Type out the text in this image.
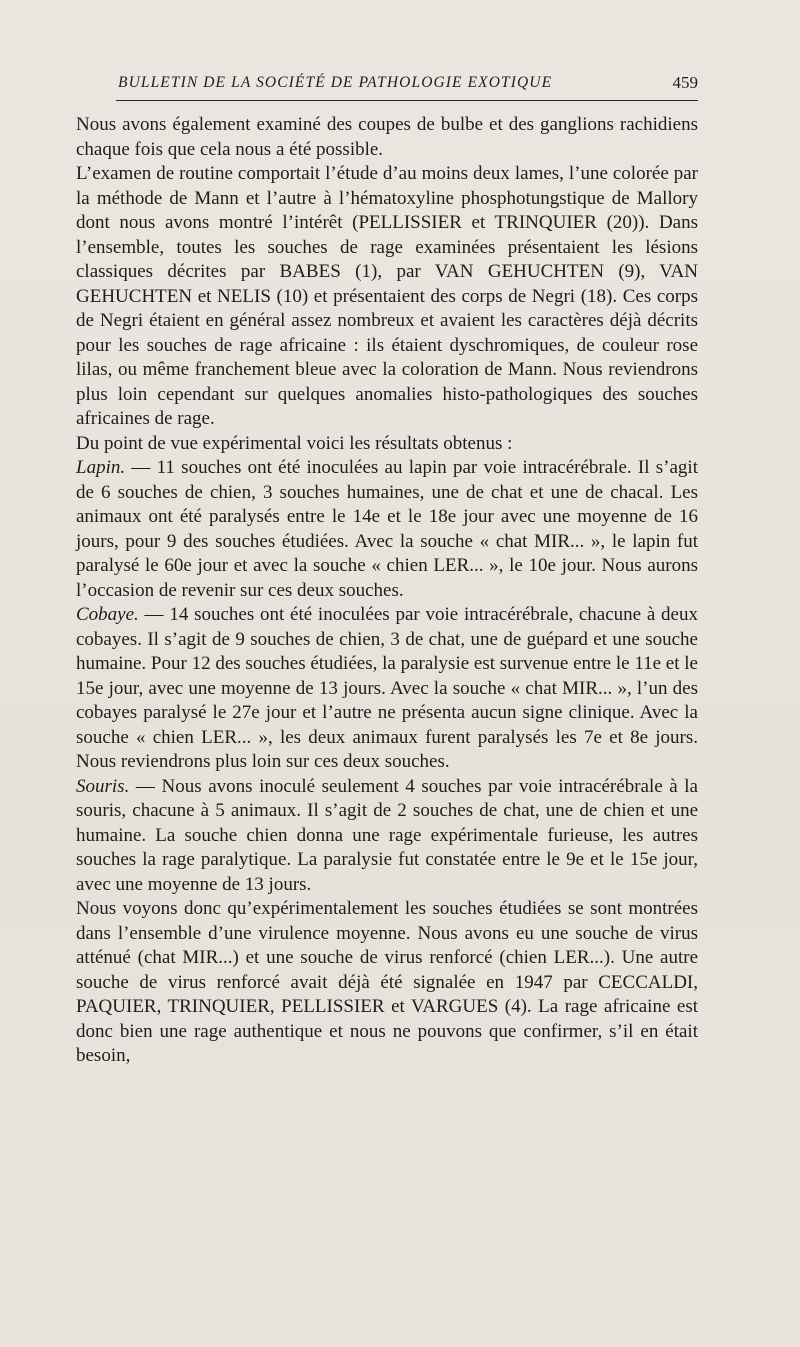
BULLETIN DE LA SOCIÉTÉ DE PATHOLOGIE EXOTIQUE	459

Nous avons également examiné des coupes de bulbe et des ganglions rachidiens chaque fois que cela nous a été possible.

L’examen de routine comportait l’étude d’au moins deux lames, l’une colorée par la méthode de Mann et l’autre à l’hématoxyline phosphotungstique de Mallory dont nous avons montré l’intérêt (PELLISSIER et TRINQUIER (20)). Dans l’ensemble, toutes les souches de rage examinées présentaient les lésions classiques décrites par BABES (1), par VAN GEHUCHTEN (9), VAN GEHUCHTEN et NELIS (10) et présentaient des corps de Negri (18). Ces corps de Negri étaient en général assez nombreux et avaient les caractères déjà décrits pour les souches de rage africaine : ils étaient dyschromiques, de couleur rose lilas, ou même franchement bleue avec la coloration de Mann. Nous reviendrons plus loin cependant sur quelques anomalies histo-pathologiques des souches africaines de rage.

Du point de vue expérimental voici les résultats obtenus :

Lapin. — 11 souches ont été inoculées au lapin par voie intracérébrale. Il s’agit de 6 souches de chien, 3 souches humaines, une de chat et une de chacal. Les animaux ont été paralysés entre le 14e et le 18e jour avec une moyenne de 16 jours, pour 9 des souches étudiées. Avec la souche « chat MIR... », le lapin fut paralysé le 60e jour et avec la souche « chien LER... », le 10e jour. Nous aurons l’occasion de revenir sur ces deux souches.

Cobaye. — 14 souches ont été inoculées par voie intracérébrale, chacune à deux cobayes. Il s’agit de 9 souches de chien, 3 de chat, une de guépard et une souche humaine. Pour 12 des souches étudiées, la paralysie est survenue entre le 11e et le 15e jour, avec une moyenne de 13 jours. Avec la souche « chat MIR... », l’un des cobayes paralysé le 27e jour et l’autre ne présenta aucun signe clinique. Avec la souche « chien LER... », les deux animaux furent paralysés les 7e et 8e jours. Nous reviendrons plus loin sur ces deux souches.

Souris. — Nous avons inoculé seulement 4 souches par voie intracérébrale à la souris, chacune à 5 animaux. Il s’agit de 2 souches de chat, une de chien et une humaine. La souche chien donna une rage expérimentale furieuse, les autres souches la rage paralytique. La paralysie fut constatée entre le 9e et le 15e jour, avec une moyenne de 13 jours.

Nous voyons donc qu’expérimentalement les souches étudiées se sont montrées dans l’ensemble d’une virulence moyenne. Nous avons eu une souche de virus atténué (chat MIR...) et une souche de virus renforcé (chien LER...). Une autre souche de virus renforcé avait déjà été signalée en 1947 par CECCALDI, PAQUIER, TRINQUIER, PELLISSIER et VARGUES (4). La rage africaine est donc bien une rage authentique et nous ne pouvons que confirmer, s’il en était besoin,
